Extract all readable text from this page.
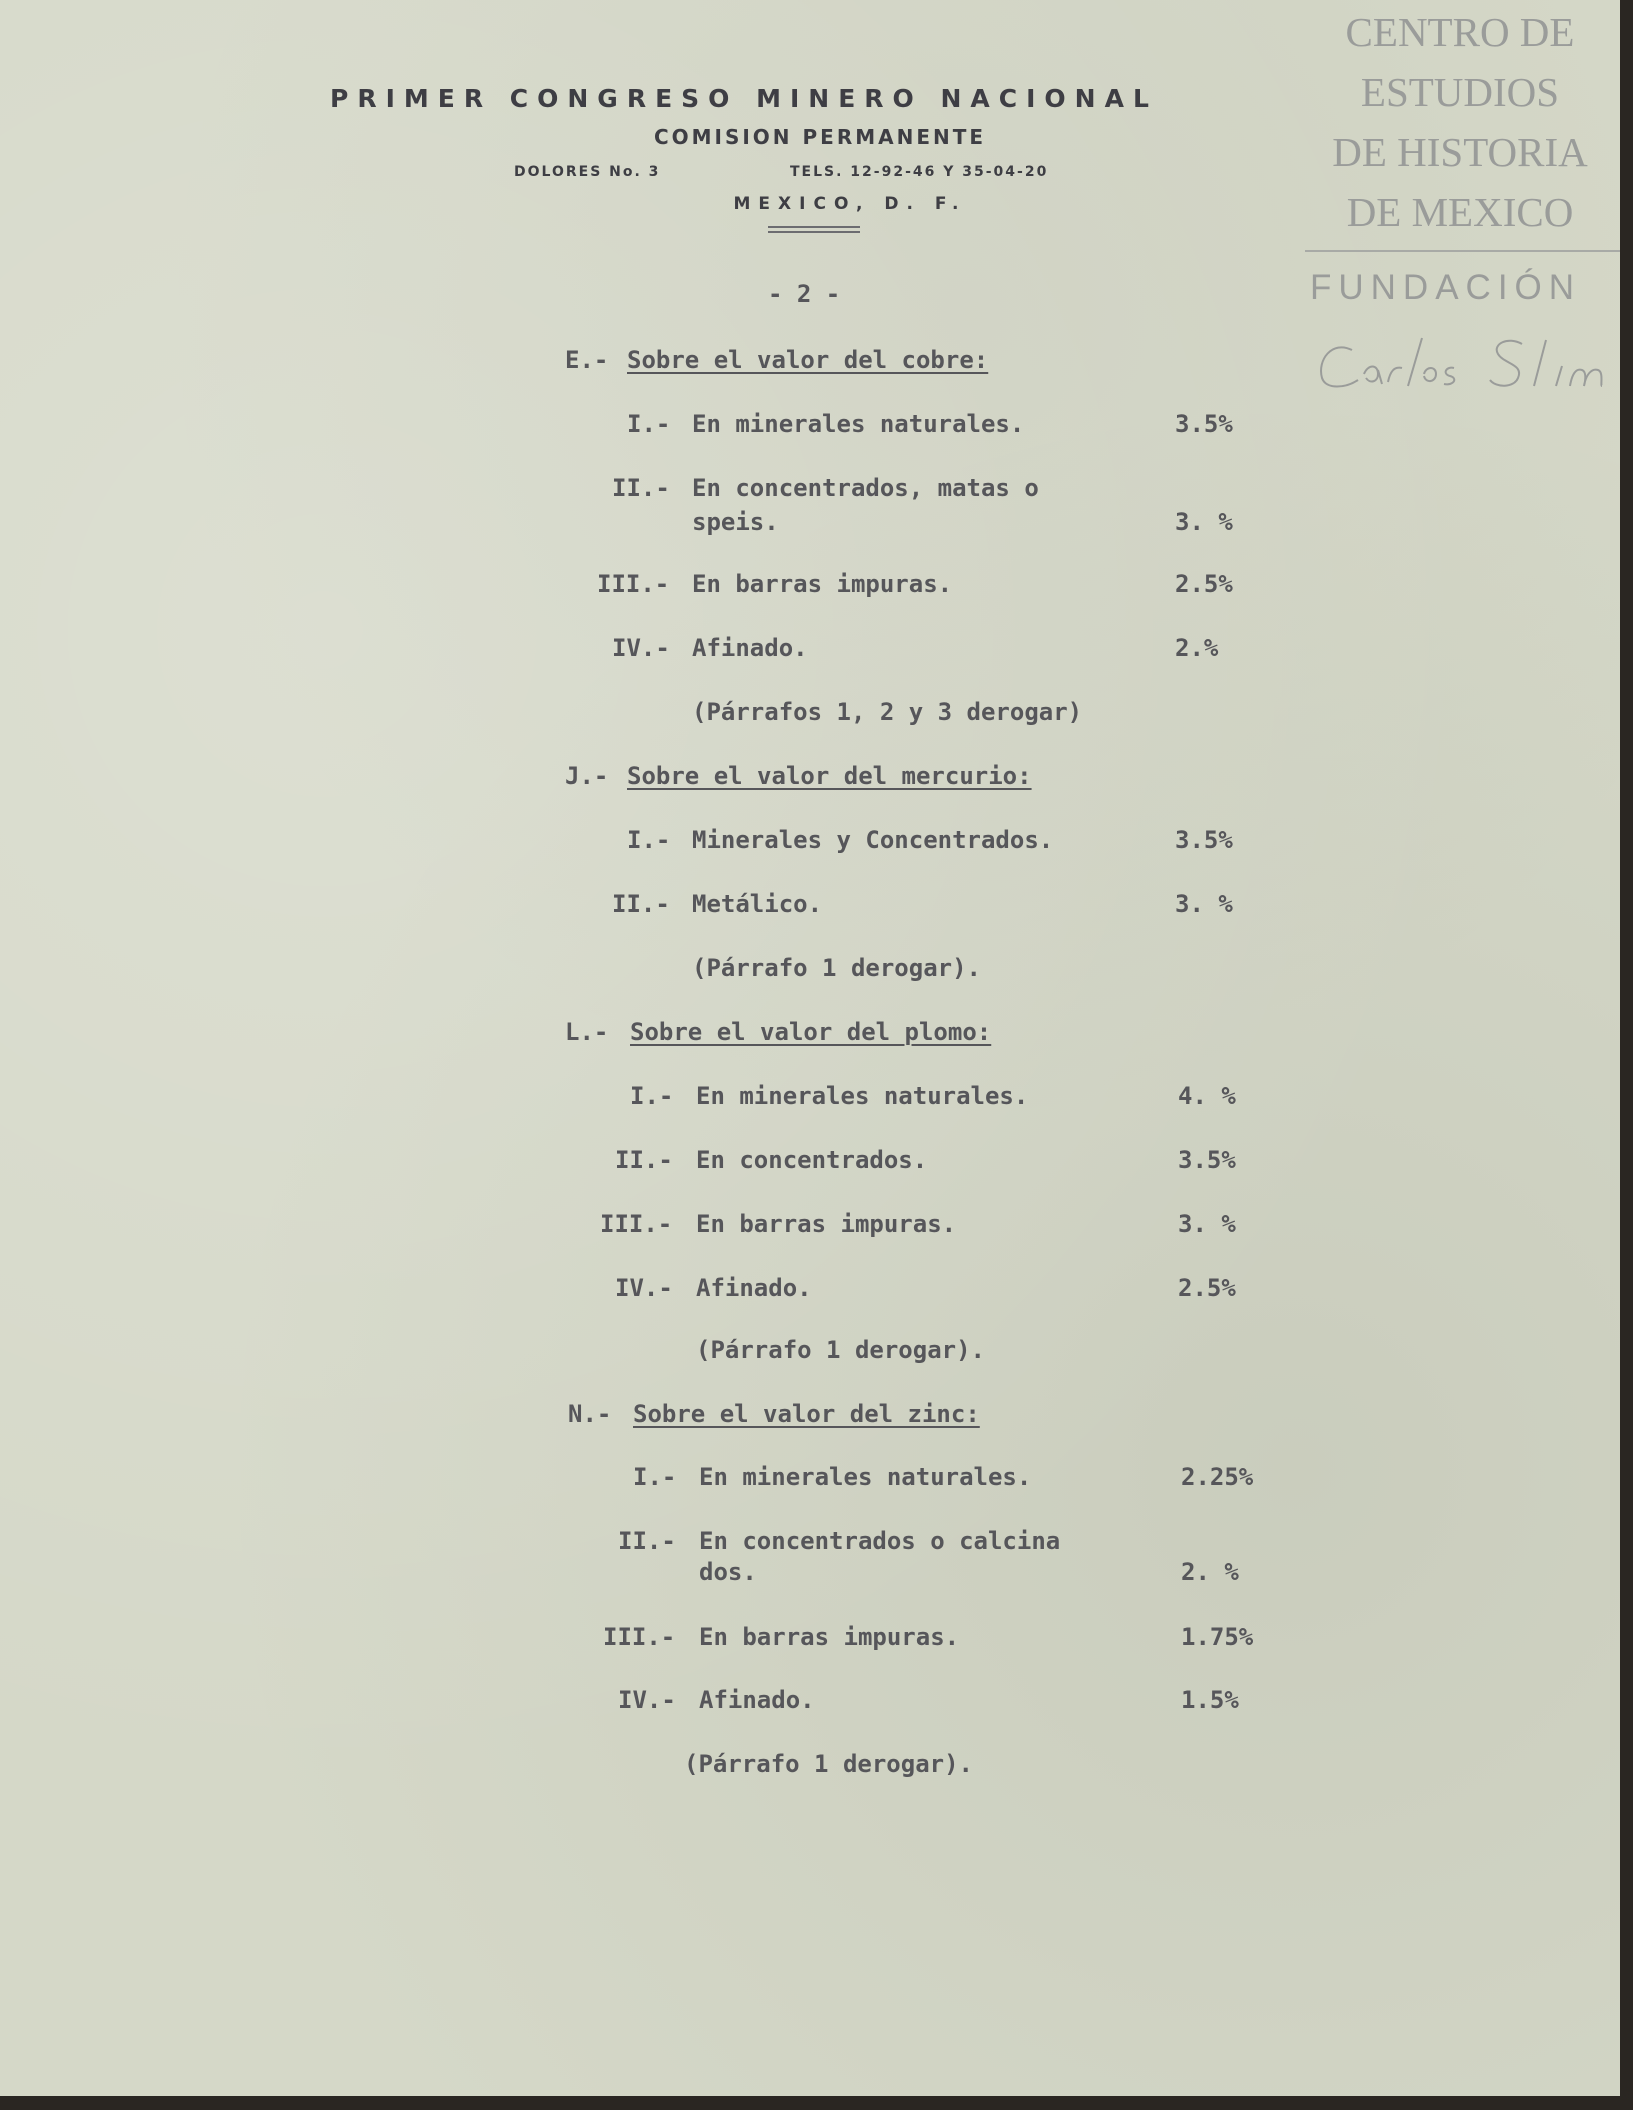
PRIMER CONGRESO MINERO NACIONAL
COMISION PERMANENTE
DOLORES No. 3	TELS. 12-92-46 Y 35-04-20
MEXICO, D. F.
CENTRO DE
ESTUDIOS
DE HISTORIA
DE MEXICO
FUNDACIÓN
- 2 -
E.- Sobre el valor del cobre:
I.- En minerales naturales.	3.5%
II.- En concentrados, matas o
speis.	3. %
III.- En barras impuras.	2.5%
IV.- Afinado.	2.%
(Párrafos 1, 2 y 3 derogar)
J.- Sobre el valor del mercurio:
I.- Minerales y Concentrados.	3.5%
II.- Metálico.	3. %
(Párrafo 1 derogar).
L.- Sobre el valor del plomo:
I.- En minerales naturales.	4. %
II.- En concentrados.	3.5%
III.- En barras impuras.	3. %
IV.- Afinado.	2.5%
(Párrafo 1 derogar).
N.- Sobre el valor del zinc:
I.- En minerales naturales.	2.25%
II.- En concentrados o calcina
dos.	2. %
III.- En barras impuras.	1.75%
IV.- Afinado.	1.5%
(Párrafo 1 derogar).
